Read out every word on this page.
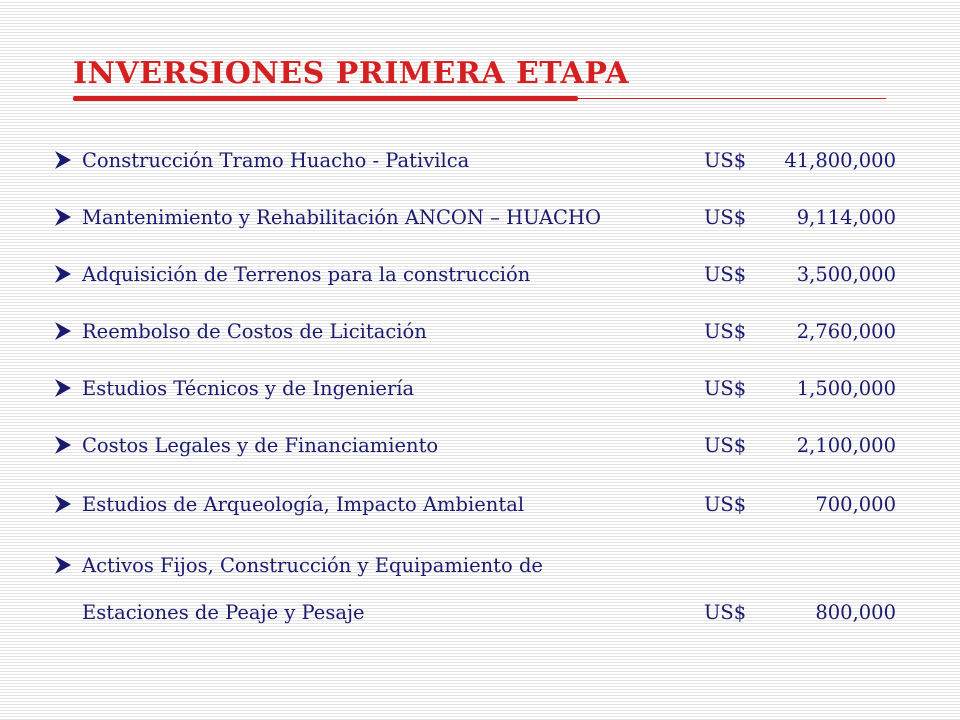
INVERSIONES PRIMERA ETAPA
Construcción Tramo Huacho - Pativilca	US$ 41,800,000
Mantenimiento y Rehabilitación ANCON – HUACHO	US$	9,114,000
Adquisición de Terrenos para la construcción	US$	3,500,000
Reembolso de Costos de Licitación	US$	2,760,000
Estudios Técnicos y de Ingeniería	US$	1,500,000
Costos Legales y de Financiamiento	US$	2,100,000
Estudios de Arqueología, Impacto Ambiental	US$	700,000
Activos Fijos, Construcción y Equipamiento de
Estaciones de Peaje y Pesaje	US$	800,000
